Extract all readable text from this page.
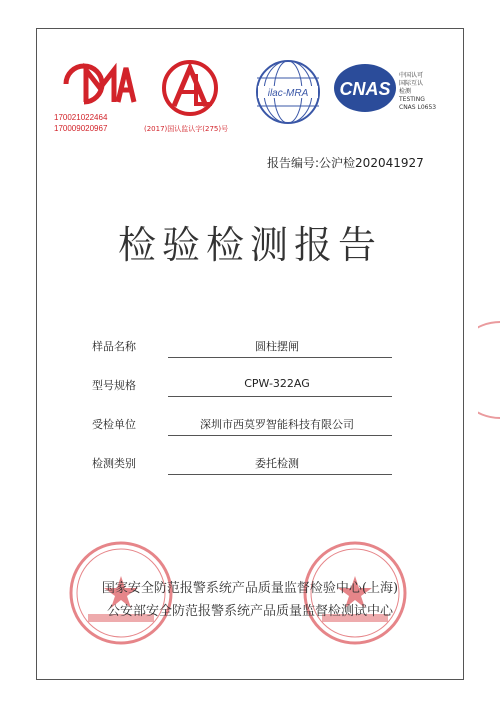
170021022464
170009020967	(2017)国认监认字(275)号
ilac-MRA CNAS
中国认可
国际互认
检测
TESTING
CNAS L0653
报告编号:公沪检202041927
检验检测报告
样品名称	圆柱摆闸
型号规格	CPW-322AG
受检单位	深圳市西莫罗智能科技有限公司
检测类别	委托检测
国家安全防范报警系统产品质量监督检验中心(上海)
公安部安全防范报警系统产品质量监督检测试中心
